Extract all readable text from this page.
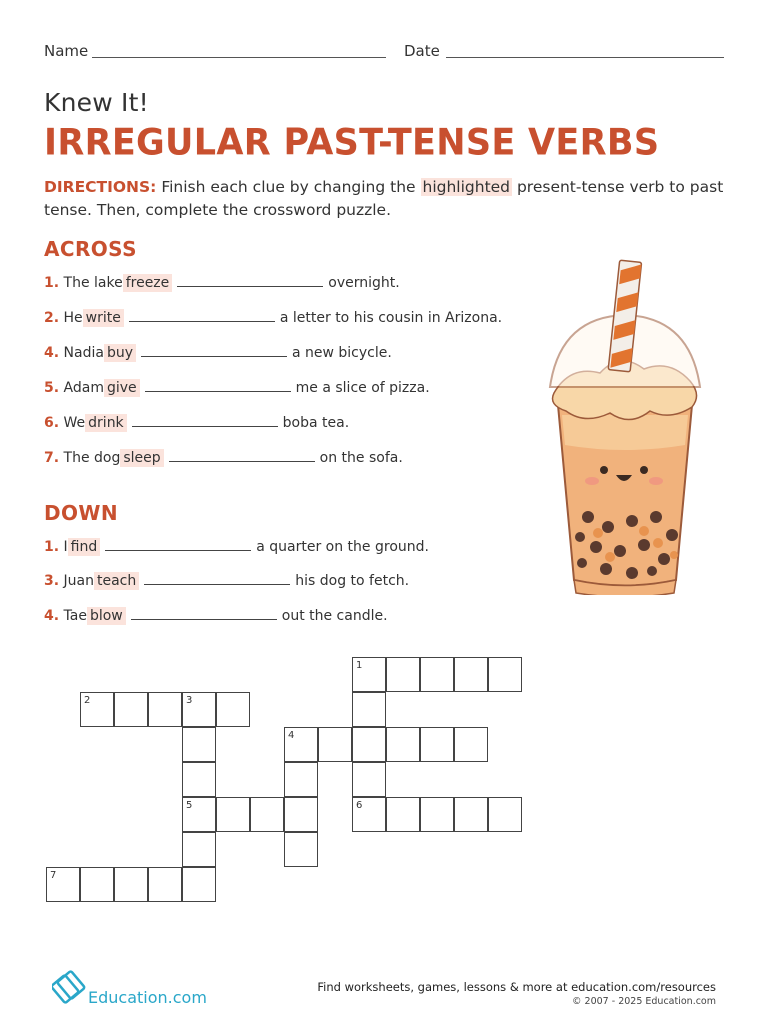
Name	Date
Knew It!
IRREGULAR PAST-TENSE VERBS
DIRECTIONS: Finish each clue by changing the highlighted present-tense verb to past tense. Then, complete the crossword puzzle.
ACROSS
1. The lake freeze	overnight.
2. He write	a letter to his cousin in Arizona.
4. Nadia buy	a new bicycle.
5. Adam give	me a slice of pizza.
6. We drink	boba tea.
7. The dog sleep	on the sofa.
DOWN
1. I find	a quarter on the ground.
3. Juan teach	his dog to fetch.
4. Tae blow	out the candle.
1
2	3
4
5	6
7
Education.com
Find worksheets, games, lessons & more at education.com/resources
© 2007 - 2025 Education.com
